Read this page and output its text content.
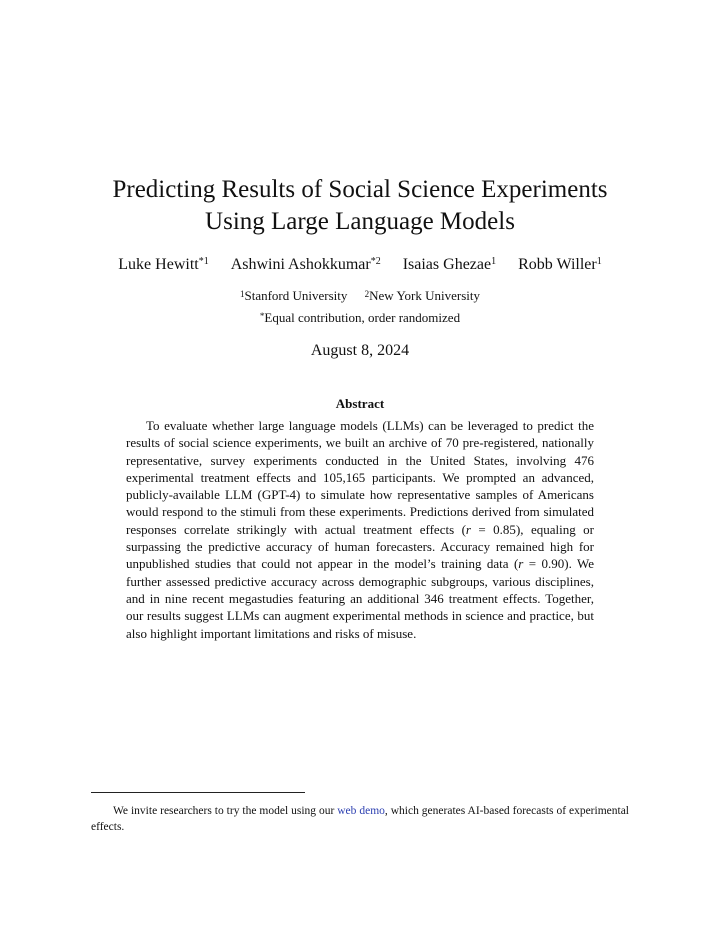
Predicting Results of Social Science Experiments
Using Large Language Models
Luke Hewitt$^{*1}$ Ashwini Ashokkumar$^{*2}$ Isaias Ghezae$^1$ Robb Willer$^1$
$^1$Stanford University $^2$New York University
*Equal contribution, order randomized
August 8, 2024
Abstract

To evaluate whether large language models (LLMs) can be leveraged to predict the results of social science experiments, we built an archive of 70 pre-registered, nationally representative, survey experiments conducted in the United States, involving 476 experimental treatment effects and 105,165 participants. We prompted an advanced, publicly-available LLM (GPT-4) to simulate how representative samples of Americans would respond to the stimuli from these experiments. Predictions derived from simulated responses correlate strikingly with actual treatment effects (r = 0.85), equaling or surpassing the predictive accuracy of human forecasters. Accuracy remained high for unpublished studies that could not appear in the model’s training data (r = 0.90). We further assessed predictive accuracy across demographic subgroups, various disciplines, and in nine recent megastudies featuring an additional 346 treatment effects. Together, our results suggest LLMs can augment experimental methods in science and practice, but also highlight important limitations and risks of misuse.

We invite researchers to try the model using our web demo, which generates AI-based forecasts of experimental effects.
